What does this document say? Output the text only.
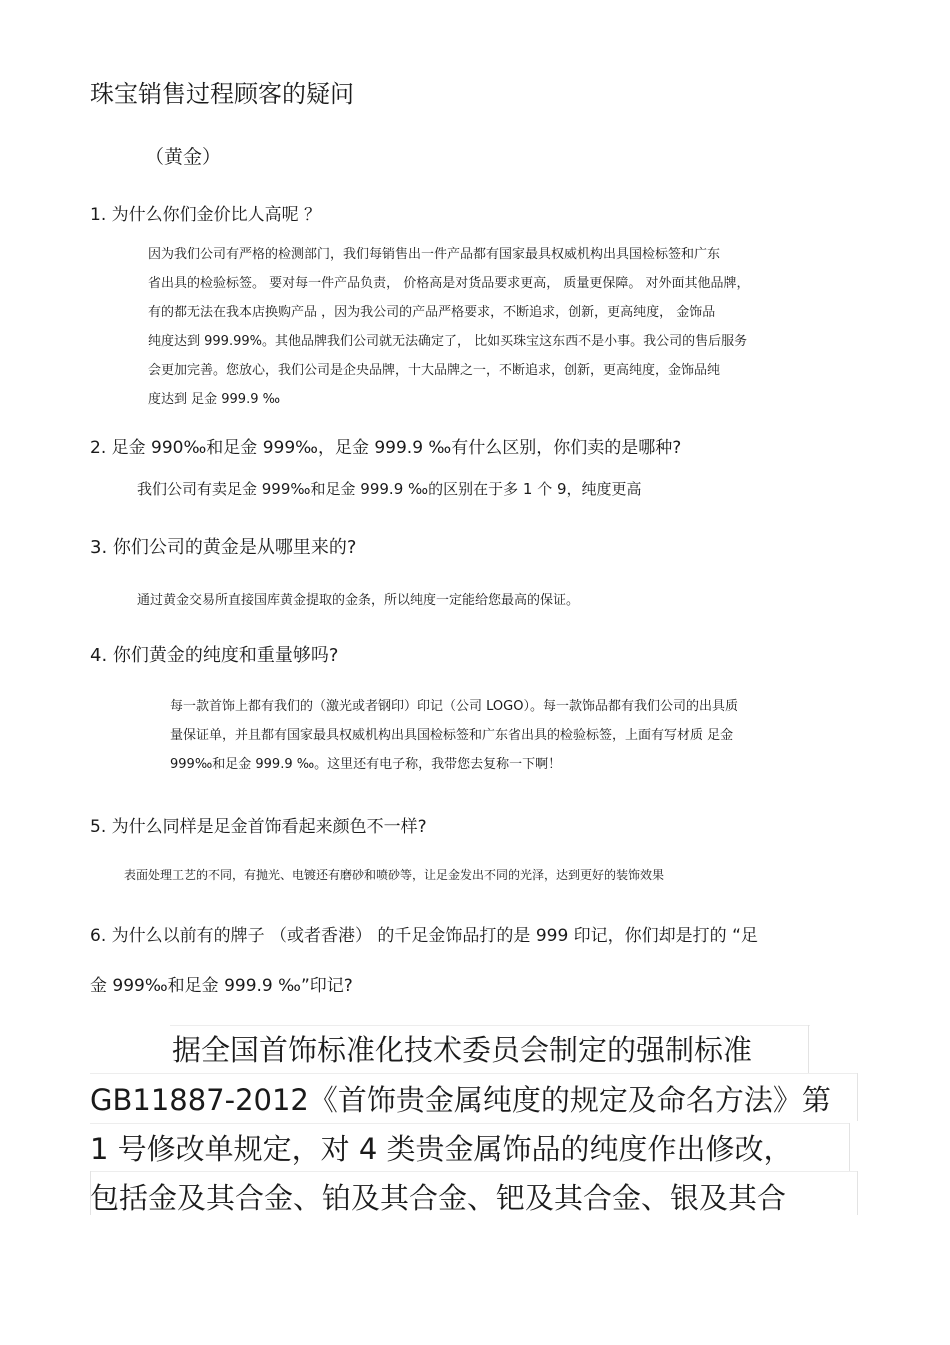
珠宝销售过程顾客的疑问
（黄金）
1. 为什么你们金价比人高呢 ？
因为我们公司有严格的检测部门，我们每销售出一件产品都有国家最具权威机构出具国检标签和广东
省出具的检验标签。 要对每一件产品负责， 价格高是对货品要求更高， 质量更保障。 对外面其他品牌，
有的都无法在我本店换购产品 ，因为我公司的产品严格要求，不断追求，创新，更高纯度， 金饰品
纯度达到 999.99%。其他品牌我们公司就无法确定了， 比如买珠宝这东西不是小事。我公司的售后服务
会更加完善。您放心，我们公司是企央品牌，十大品牌之一，不断追求，创新，更高纯度，金饰品纯
度达到 足金 999.9 ‰
2. 足金 990‰和足金 999‰，足金 999.9 ‰有什么区别，你们卖的是哪种?
我们公司有卖足金 999‰和足金 999.9 ‰的区别在于多 1 个 9，纯度更高
3. 你们公司的黄金是从哪里来的?
通过黄金交易所直接国库黄金提取的金条，所以纯度一定能给您最高的保证。
4. 你们黄金的纯度和重量够吗?
每一款首饰上都有我们的（激光或者钢印）印记（公司 LOGO）。每一款饰品都有我们公司的出具质
量保证单，并且都有国家最具权威机构出具国检标签和广东省出具的检验标签，上面有写材质 足金
999‰和足金 999.9 ‰。这里还有电子称，我带您去复称一下啊！
5. 为什么同样是足金首饰看起来颜色不一样?
表面处理工艺的不同，有抛光、电镀还有磨砂和喷砂等，让足金发出不同的光泽，达到更好的装饰效果
6. 为什么以前有的牌子 （或者香港） 的千足金饰品打的是 999 印记，你们却是打的 “足
金 999‰和足金 999.9 ‰”印记?
据全国首饰标准化技术委员会制定的强制标准
GB11887-2012《首饰贵金属纯度的规定及命名方法》第
1 号修改单规定，对 4 类贵金属饰品的纯度作出修改，
包括金及其合金、铂及其合金、钯及其合金、银及其合
